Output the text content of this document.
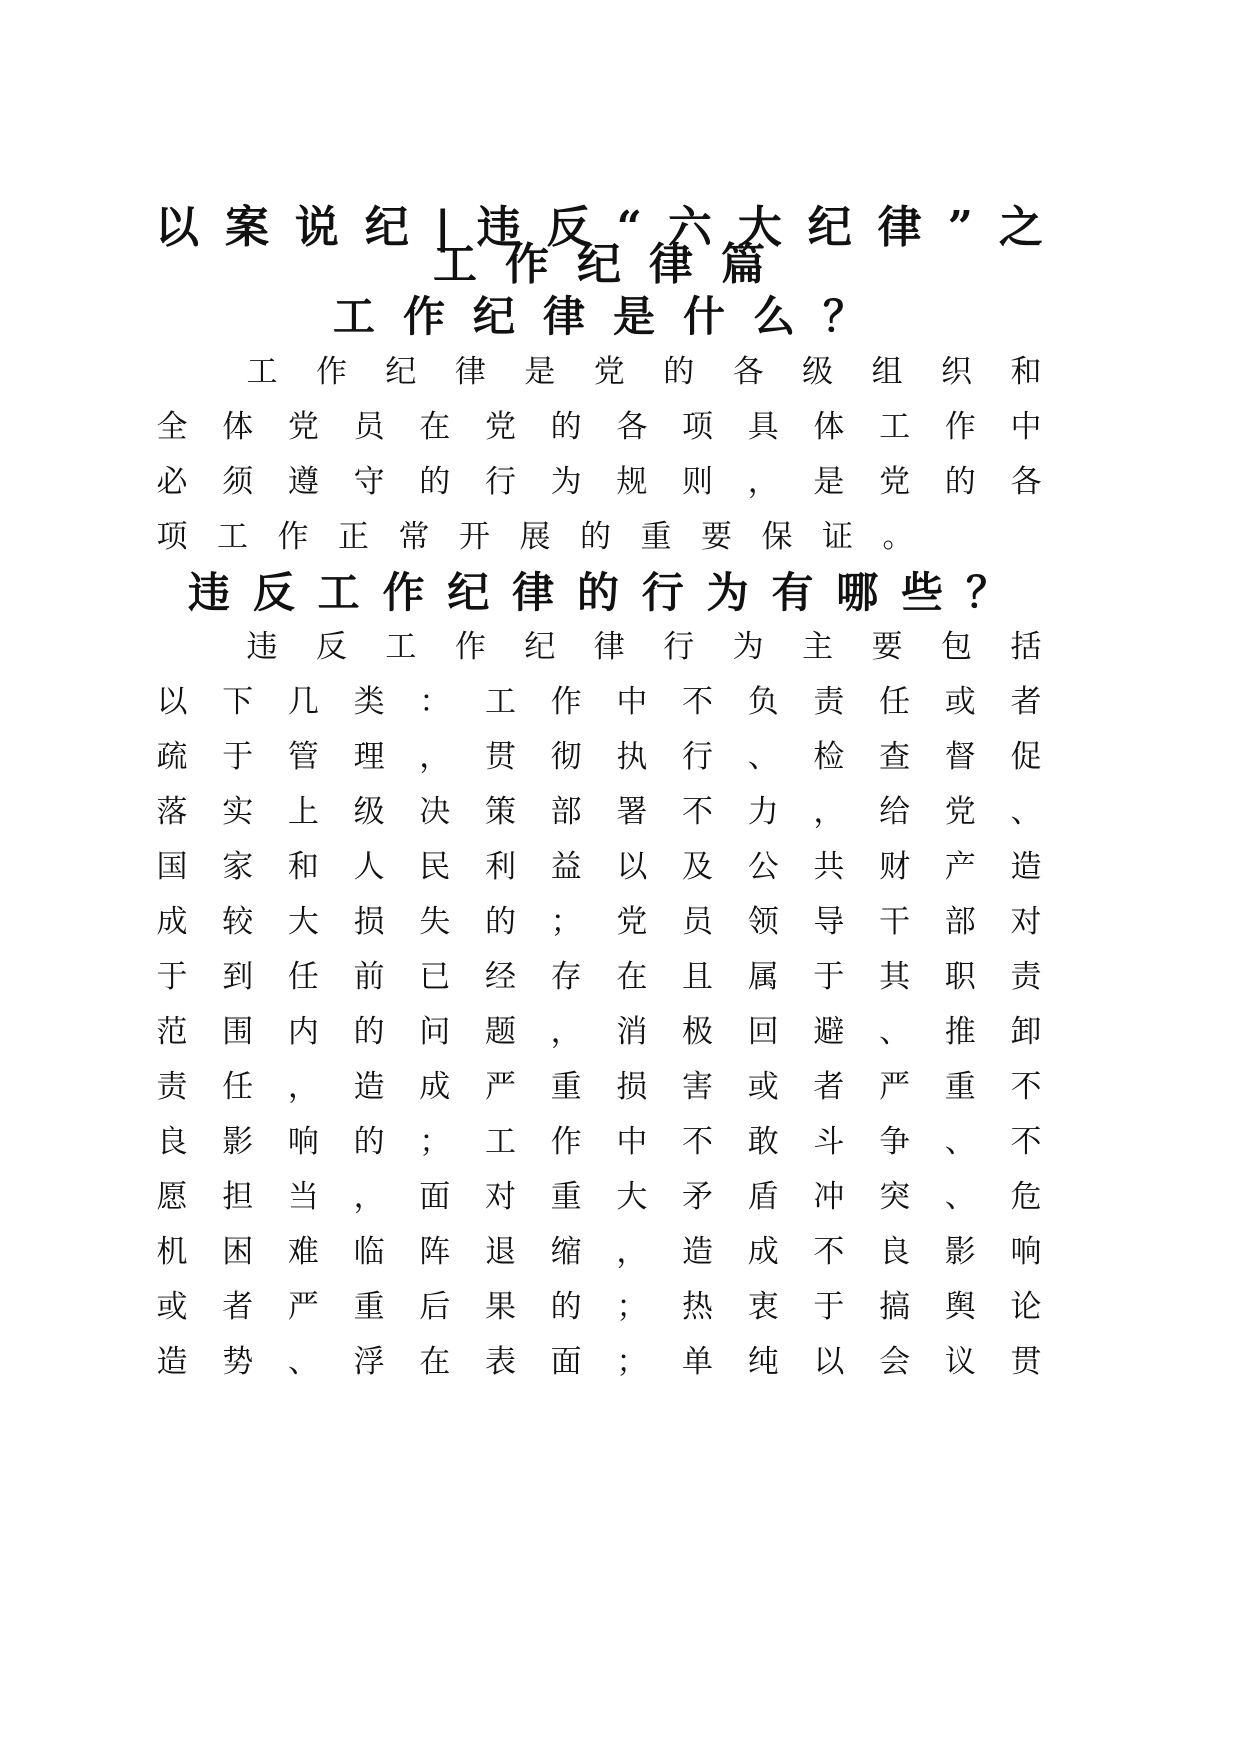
以 案 说 纪 | 违 反 “ 六 大 纪 律 ” 之
工 作 纪 律 篇
工 作 纪 律 是 什 么 ？
工 作 纪 律 是 党 的 各 级 组 织 和
全 体 党 员 在 党 的 各 项 具 体 工 作 中
必 须 遵 守 的 行 为 规 则 ， 是 党 的 各
项 工 作 正 常 开 展 的 重 要 保 证 。
违 反 工 作 纪 律 的 行 为 有 哪 些 ？
违 反 工 作 纪 律 行 为 主 要 包 括
以 下 几 类 ： 工 作 中 不 负 责 任 或 者
疏 于 管 理 ， 贯 彻 执 行 、 检 查 督 促
落 实 上 级 决 策 部 署 不 力 ， 给 党 、
国 家 和 人 民 利 益 以 及 公 共 财 产 造
成 较 大 损 失 的 ； 党 员 领 导 干 部 对
于 到 任 前 已 经 存 在 且 属 于 其 职 责
范 围 内 的 问 题 ， 消 极 回 避 、 推 卸
责 任 ， 造 成 严 重 损 害 或 者 严 重 不
良 影 响 的 ； 工 作 中 不 敢 斗 争 、 不
愿 担 当 ， 面 对 重 大 矛 盾 冲 突 、 危
机 困 难 临 阵 退 缩 ， 造 成 不 良 影 响
或 者 严 重 后 果 的 ； 热 衷 于 搞 舆 论
造 势 、 浮 在 表 面 ； 单 纯 以 会 议 贯
